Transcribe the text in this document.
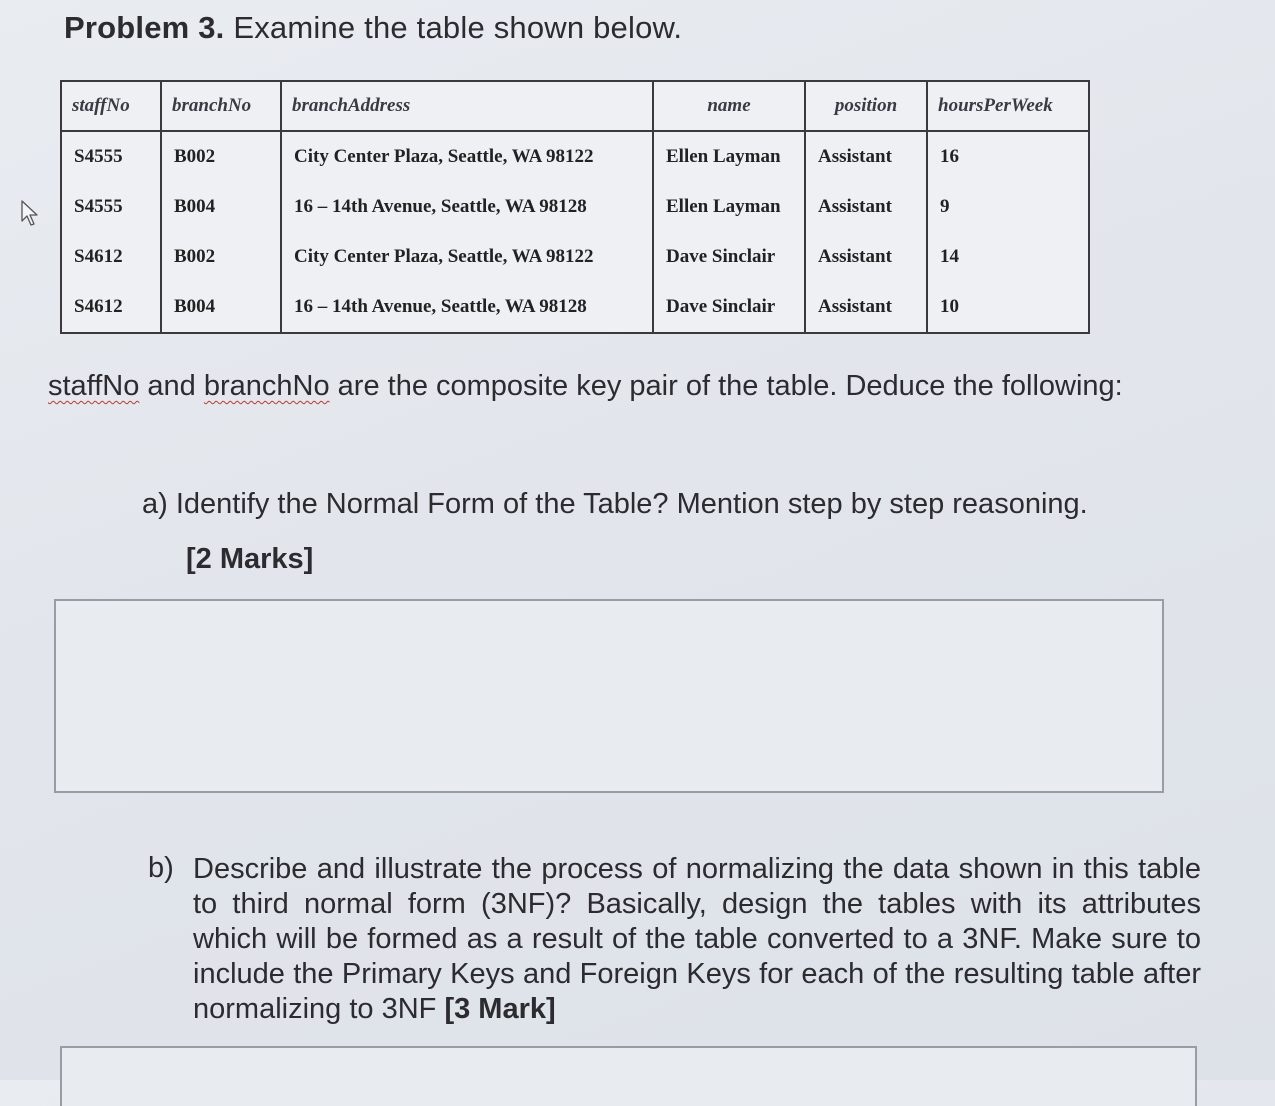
Problem 3. Examine the table shown below.
staffNo	branchNo	branchAddress	name	position	hoursPerWeek
S4555	B002	City Center Plaza, Seattle, WA 98122	Ellen Layman	Assistant	16
S4555	B004	16 – 14th Avenue, Seattle, WA 98128	Ellen Layman	Assistant	9
S4612	B002	City Center Plaza, Seattle, WA 98122	Dave Sinclair	Assistant	14
S4612	B004	16 – 14th Avenue, Seattle, WA 98128	Dave Sinclair	Assistant	10
staffNo and branchNo are the composite key pair of the table. Deduce the following:
a) Identify the Normal Form of the Table? Mention step by step reasoning.
[2 Marks]
b) Describe and illustrate the process of normalizing the data shown in this table to third normal form (3NF)? Basically, design the tables with its attributes which will be formed as a result of the table converted to a 3NF. Make sure to include the Primary Keys and Foreign Keys for each of the resulting table after normalizing to 3NF [3 Mark]
